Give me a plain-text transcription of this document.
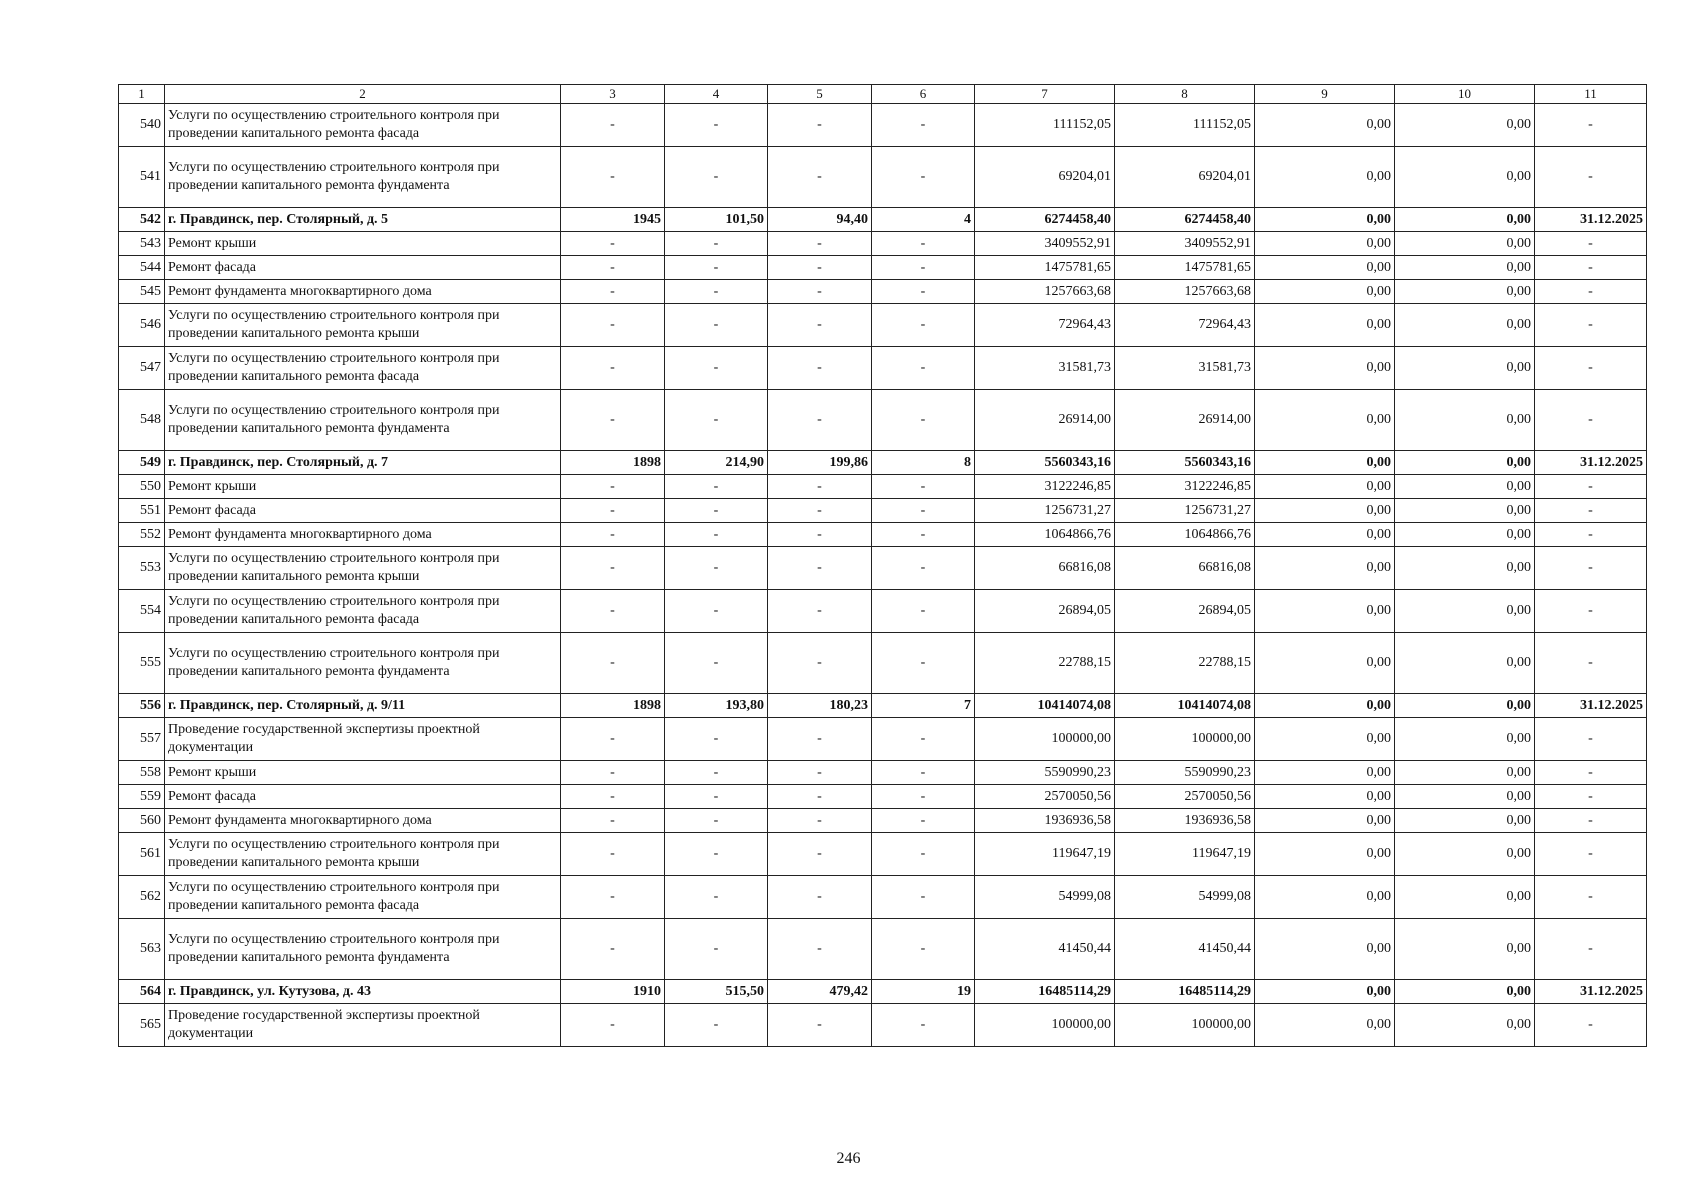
1	2	3	4	5	6	7	8	9	10	11
540	Услуги по осуществлению строительного контроля при проведении капитального ремонта фасада	-	-	-	-	111152,05	111152,05	0,00	0,00	-
541	Услуги по осуществлению строительного контроля при проведении капитального ремонта фундамента	-	-	-	-	69204,01	69204,01	0,00	0,00	-
542	г. Правдинск, пер. Столярный, д. 5	1945	101,50	94,40	4	6274458,40	6274458,40	0,00	0,00	31.12.2025
543	Ремонт крыши	-	-	-	-	3409552,91	3409552,91	0,00	0,00	-
544	Ремонт фасада	-	-	-	-	1475781,65	1475781,65	0,00	0,00	-
545	Ремонт фундамента многоквартирного дома	-	-	-	-	1257663,68	1257663,68	0,00	0,00	-
546	Услуги по осуществлению строительного контроля при проведении капитального ремонта крыши	-	-	-	-	72964,43	72964,43	0,00	0,00	-
547	Услуги по осуществлению строительного контроля при проведении капитального ремонта фасада	-	-	-	-	31581,73	31581,73	0,00	0,00	-
548	Услуги по осуществлению строительного контроля при проведении капитального ремонта фундамента	-	-	-	-	26914,00	26914,00	0,00	0,00	-
549	г. Правдинск, пер. Столярный, д. 7	1898	214,90	199,86	8	5560343,16	5560343,16	0,00	0,00	31.12.2025
550	Ремонт крыши	-	-	-	-	3122246,85	3122246,85	0,00	0,00	-
551	Ремонт фасада	-	-	-	-	1256731,27	1256731,27	0,00	0,00	-
552	Ремонт фундамента многоквартирного дома	-	-	-	-	1064866,76	1064866,76	0,00	0,00	-
553	Услуги по осуществлению строительного контроля при проведении капитального ремонта крыши	-	-	-	-	66816,08	66816,08	0,00	0,00	-
554	Услуги по осуществлению строительного контроля при проведении капитального ремонта фасада	-	-	-	-	26894,05	26894,05	0,00	0,00	-
555	Услуги по осуществлению строительного контроля при проведении капитального ремонта фундамента	-	-	-	-	22788,15	22788,15	0,00	0,00	-
556	г. Правдинск, пер. Столярный, д. 9/11	1898	193,80	180,23	7	10414074,08	10414074,08	0,00	0,00	31.12.2025
557	Проведение государственной экспертизы проектной документации	-	-	-	-	100000,00	100000,00	0,00	0,00	-
558	Ремонт крыши	-	-	-	-	5590990,23	5590990,23	0,00	0,00	-
559	Ремонт фасада	-	-	-	-	2570050,56	2570050,56	0,00	0,00	-
560	Ремонт фундамента многоквартирного дома	-	-	-	-	1936936,58	1936936,58	0,00	0,00	-
561	Услуги по осуществлению строительного контроля при проведении капитального ремонта крыши	-	-	-	-	119647,19	119647,19	0,00	0,00	-
562	Услуги по осуществлению строительного контроля при проведении капитального ремонта фасада	-	-	-	-	54999,08	54999,08	0,00	0,00	-
563	Услуги по осуществлению строительного контроля при проведении капитального ремонта фундамента	-	-	-	-	41450,44	41450,44	0,00	0,00	-
564	г. Правдинск, ул. Кутузова, д. 43	1910	515,50	479,42	19	16485114,29	16485114,29	0,00	0,00	31.12.2025
565	Проведение государственной экспертизы проектной документации	-	-	-	-	100000,00	100000,00	0,00	0,00	-
246
